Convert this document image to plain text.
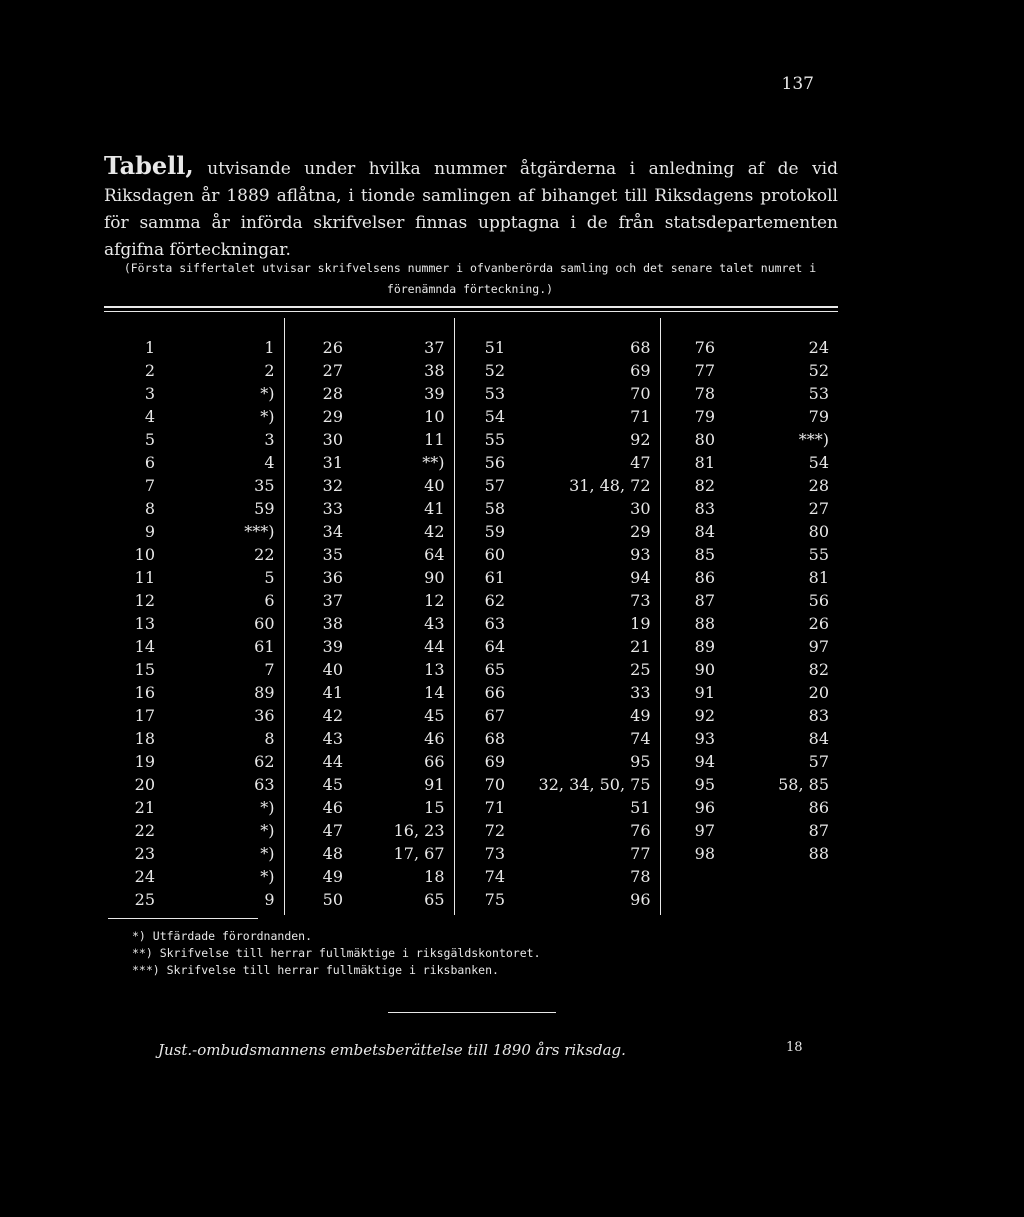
137
Tabell, utvisande under hvilka nummer åtgärderna i anledning af de vid Riksdagen år 1889 aflåtna, i tionde samlingen af bihanget till Riksdagens protokoll för samma år införda skrifvelser finnas upptagna i de från statsdepartementen afgifna förteckningar.
(Första siffertalet utvisar skrifvelsens nummer i ofvanberörda samling och det senare talet numret i förenämnda förteckning.)
1	1	26	37	51	68	76	24
2	2	27	38	52	69	77	52
3	*)	28	39	53	70	78	53
4	*)	29	10	54	71	79	79
5	3	30	11	55	92	80	***)
6	4	31	**)	56	47	81	54
7	35	32	40	57	31, 48, 72	82	28
8	59	33	41	58	30	83	27
9	***)	34	42	59	29	84	80
10	22	35	64	60	93	85	55
11	5	36	90	61	94	86	81
12	6	37	12	62	73	87	56
13	60	38	43	63	19	88	26
14	61	39	44	64	21	89	97
15	7	40	13	65	25	90	82
16	89	41	14	66	33	91	20
17	36	42	45	67	49	92	83
18	8	43	46	68	74	93	84
19	62	44	66	69	95	94	57
20	63	45	91	70	32, 34, 50, 75	95	58, 85
21	*)	46	15	71	51	96	86
22	*)	47	16, 23	72	76	97	87
23	*)	48	17, 67	73	77	98	88
24	*)	49	18	74	78		
25	9	50	65	75	96		
*) Utfärdade förordnanden.
**) Skrifvelse till herrar fullmäktige i riksgäldskontoret.
***) Skrifvelse till herrar fullmäktige i riksbanken.
Just.-ombudsmannens embetsberättelse till 1890 års riksdag.	18
